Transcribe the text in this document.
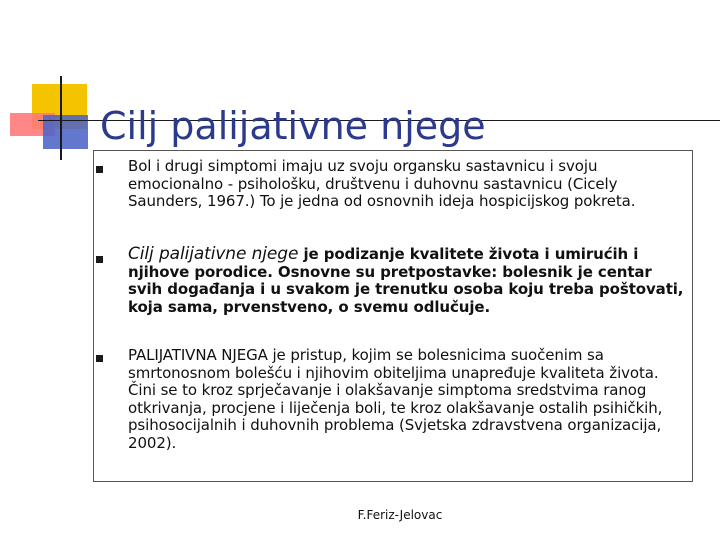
Cilj palijativne njege
Bol i drugi simptomi imaju uz svoju organsku sastavnicu i svoju emocionalno - psihološku, društvenu i duhovnu sastavnicu (Cicely Saunders, 1967.) To je jedna od osnovnih ideja hospicijskog pokreta.
Cilj palijativne njege je podizanje kvalitete života i umirućih i njihove porodice. Osnovne su pretpostavke: bolesnik je centar svih događanja i u svakom je trenutku osoba koju treba poštovati, koja sama, prvenstveno, o svemu odlučuje.
PALIJATIVNA NJEGA je pristup, kojim se bolesnicima suočenim sa smrtonosnom bolešću i njihovim obiteljima unapređuje kvaliteta života. Čini se to kroz sprječavanje i olakšavanje simptoma sredstvima ranog otkrivanja, procjene i liječenja boli, te kroz olakšavanje ostalih psihičkih, psihosocijalnih i duhovnih problema (Svjetska zdravstvena organizacija, 2002).
F.Feriz-Jelovac
